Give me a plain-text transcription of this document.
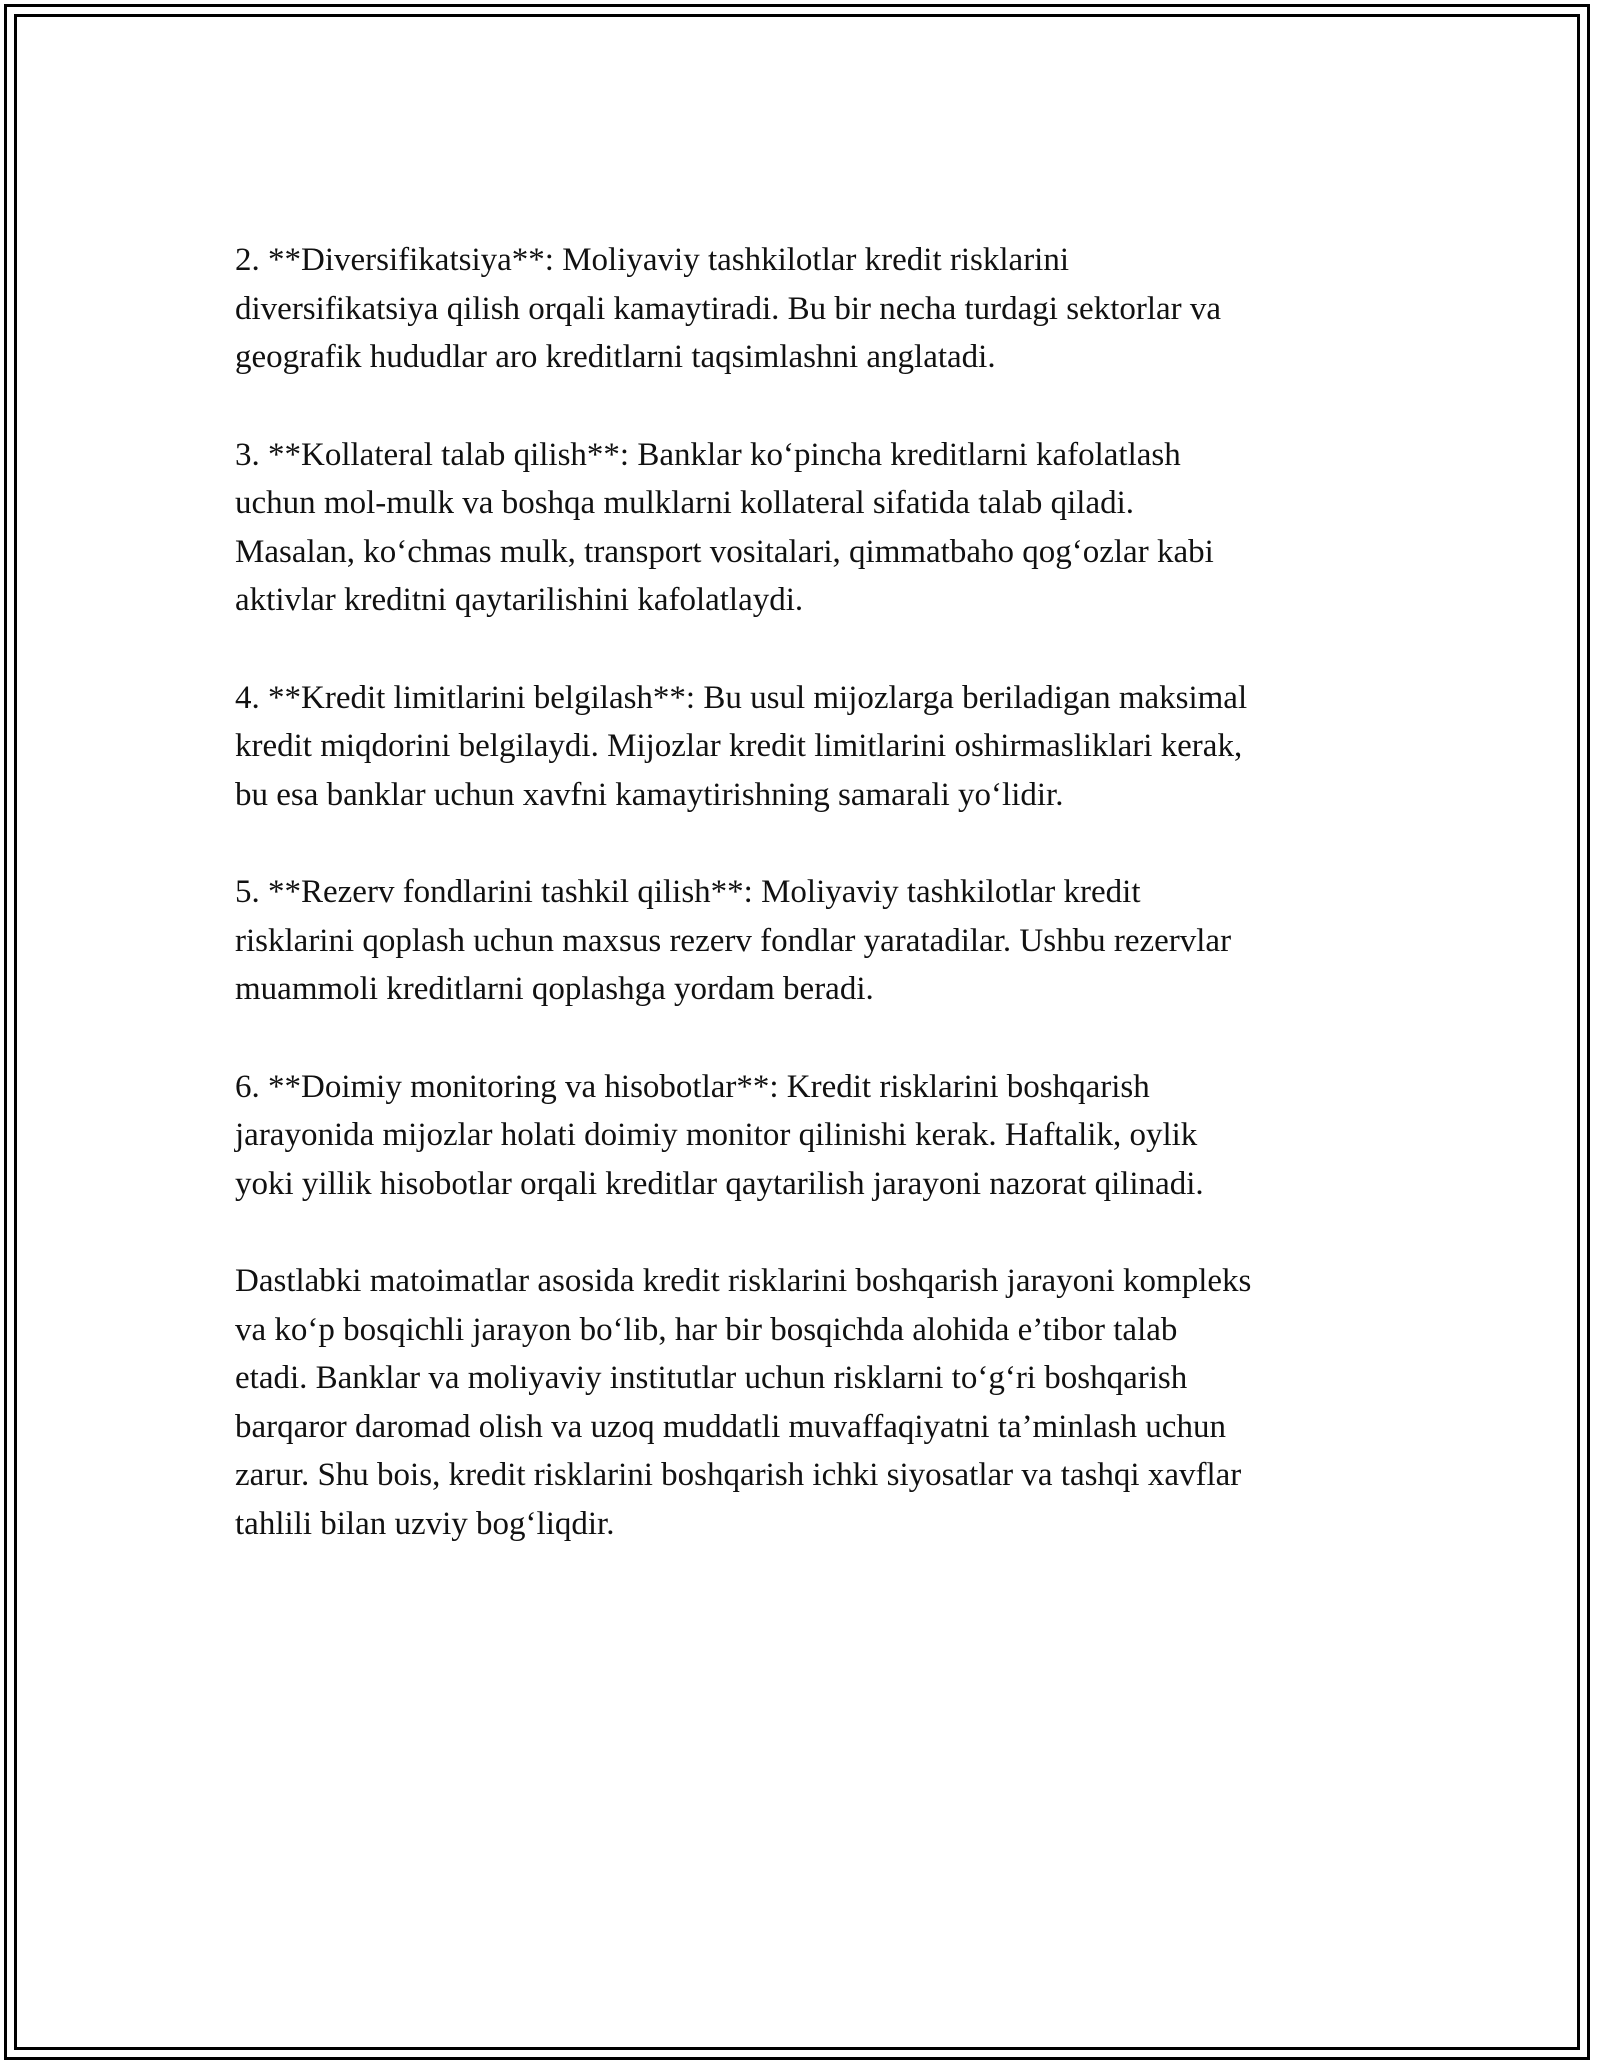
2. **Diversifikatsiya**: Moliyaviy tashkilotlar kredit risklarini
diversifikatsiya qilish orqali kamaytiradi. Bu bir necha turdagi sektorlar va
geografik hududlar aro kreditlarni taqsimlashni anglatadi.

3. **Kollateral talab qilish**: Banklar ko‘pincha kreditlarni kafolatlash
uchun mol-mulk va boshqa mulklarni kollateral sifatida talab qiladi.
Masalan, ko‘chmas mulk, transport vositalari, qimmatbaho qog‘ozlar kabi
aktivlar kreditni qaytarilishini kafolatlaydi.

4. **Kredit limitlarini belgilash**: Bu usul mijozlarga beriladigan maksimal
kredit miqdorini belgilaydi. Mijozlar kredit limitlarini oshirmasliklari kerak,
bu esa banklar uchun xavfni kamaytirishning samarali yo‘lidir.

5. **Rezerv fondlarini tashkil qilish**: Moliyaviy tashkilotlar kredit
risklarini qoplash uchun maxsus rezerv fondlar yaratadilar. Ushbu rezervlar
muammoli kreditlarni qoplashga yordam beradi.

6. **Doimiy monitoring va hisobotlar**: Kredit risklarini boshqarish
jarayonida mijozlar holati doimiy monitor qilinishi kerak. Haftalik, oylik
yoki yillik hisobotlar orqali kreditlar qaytarilish jarayoni nazorat qilinadi.

Dastlabki matoimatlar asosida kredit risklarini boshqarish jarayoni kompleks
va ko‘p bosqichli jarayon bo‘lib, har bir bosqichda alohida e’tibor talab
etadi. Banklar va moliyaviy institutlar uchun risklarni to‘g‘ri boshqarish
barqaror daromad olish va uzoq muddatli muvaffaqiyatni ta’minlash uchun
zarur. Shu bois, kredit risklarini boshqarish ichki siyosatlar va tashqi xavflar
tahlili bilan uzviy bog‘liqdir.
